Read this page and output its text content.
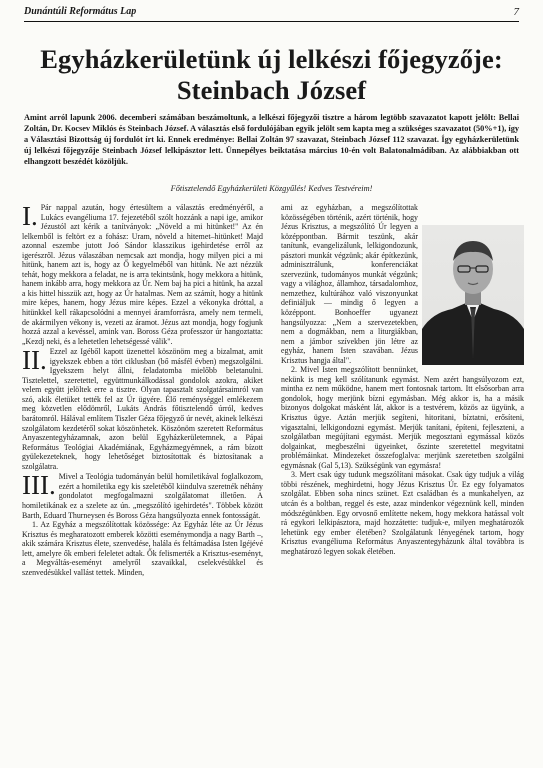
Dunántúli Református Lap	7
Egyházkerületünk új lelkészi főjegyzője:
Steinbach József
Amint arról lapunk 2006. decemberi számában beszámoltunk, a lelkészi főjegyzői tisztre a három legtöbb szavazatot kapott jelölt: Bellai Zoltán, Dr. Kocsev Miklós és Steinbach József. A választás első fordulójában egyik jelölt sem kapta meg a szükséges szavazatot (50%+1), így a Választási Bizottság új fordulót írt ki. Ennek eredménye: Bellai Zoltán 97 szavazat, Steinbach József 112 szavazat. Így egyházkerületünk új lelkészi főjegyzője Steinbach József lelkipásztor lett. Ünnepélyes beiktatása március 10-én volt Balatonalmádiban. Az alábbiakban ott elhangzott beszédét közöljük.
Főtisztelendő Egyházkerületi Közgyűlés! Kedves Testvéreim!

I. Pár nappal azután, hogy értesültem a választás eredményéről, a Lukács evangéliuma 17. fejezetéből szólt hozzánk a napi ige, amikor Jézustól azt kérik a tanítványok: „Növeld a mi hitünket!" Az én lelkemből is feltört ez a fohász: Uram, növeld a hitemet–hitünket! Majd azonnal eszembe jutott Joó Sándor klasszikus igehirdetése erről az igerészről. Jézus válaszában nemcsak azt mondja, hogy milyen pici a mi hitünk, hanem azt is, hogy az Ő kegyelméből van hitünk. Ne azt nézzük tehát, hogy mekkora a feladat, ne is arra tekintsünk, hogy mekkora a hitünk, hanem inkább arra, hogy mekkora az Úr. Nem baj ha pici a hitünk, ha azzal a kis hittel hisszük azt, hogy az Úr hatalmas. Nem az számít, hogy a hitünk mire képes, hanem, hogy Jézus mire képes. Ezzel a vékonyka dróttal, a hitünkkel kell rákapcsolódni a mennyei áramforrásra, amely nem termeli, de akármilyen vékony is, vezeti az áramot. Jézus azt mondja, hogy fogjunk hozzá azzal a kevéssel, amink van. Boross Géza professzor úr hangoztatta: „Kezdj neki, és a lehetetlen lehetségessé válik".

II. Ezzel az Igéből kapott üzenettel köszönöm meg a bizalmat, amit igyekszek ebben a tört ciklusban (bő másfél évben) megszolgálni. Igyekszem helyt állni, feladatomba mielőbb beletanulni. Tisztelettel, szeretettel, együttmunkálkodással gondolok azokra, akiket velem együtt jelöltek erre a tisztre. Olyan tapasztalt szolgatársaimról van szó, akik életüket tették fel az Úr ügyére. Élő reménységgel emlékezem meg közvetlen elődömről, Lukáts András főtisztelendő úrról, kedves barátomról. Hálával említem Tiszler Géza főjegyző úr nevét, akinek lelkészi szolgálatom kezdetéről sokat köszönhetek. Köszönöm szeretett Református Anyaszentegyházamnak, azon belül Egyházkerületemnek, a Pápai Református Teológiai Akadémiának, Egyházmegyémnek, a rám bízott gyülekezeteknek, hogy lehetőséget biztosítottak és biztosítanak a szolgálatra.

III. Mivel a Teológia tudományán belül homiletikával foglalkozom, ezért a homiletika egy kis szeletéből kiindulva szeretnék néhány gondolatot megfogalmazni szolgálatomat illetően. A homiletikának ez a szelete az ún. „megszólító igehirdetés". Többek között Barth, Eduard Thurneysen és Boross Géza hangsúlyozta ennek fontosságát.

1. Az Egyház a megszólítottak közössége: Az Egyház léte az Úr Jézus Krisztus és megharatozott emberek közötti eseménymondja a nagy Barth –, akik számára Krisztus élete, szenvedése, halála és feltámadása Isten Igéjévé lett, amelyre ők emberi feleletet adtak. Ők felismerték a Krisztus-eseményt, a Megváltás-eseményt amelyről szavaikkal, cselekvésükkel és szenvedésükkel vallást tettek. Minden,

ami az egyházban, a megszólítottak közösségében történik, azért történik, hogy Jézus Krisztus, a megszólító Úr legyen a középpontban. Bármit teszünk, akár tanítunk, evangelizálunk, lelkigondozunk, pásztori munkát végzünk; akár építkezünk, adminisztrálunk, konferenciákat szervezünk, tudományos munkát végzünk; vagy a világhoz, államhoz, társadalomhoz, nemzethez, kultúrához való viszonyunkat definiáljuk — mindig ő legyen a középpont. Bonhoeffer ugyanezt hangsúlyozza: „Nem a szervezetekben, nem a dogmákban, nem a liturgiákban, nem a jámbor szívekben jön létre az egyház, hanem Isten szavában. Jézus Krisztus hangja által".

2. Mivel Isten megszólított bennünket, nekünk is meg kell szólítanunk egymást. Nem azért hangsúlyozom ezt, mintha ez nem működne, hanem mert fontosnak tartom. Itt elsősorban arra gondolok, hogy merjünk bízni egymásban. Még akkor is, ha a másik bizonyos dolgokat másként lát, akkor is a testvérem, közös az ügyünk, a Krisztus ügye. Aztán merjük segíteni, hitoritani, bíztatni, erősíteni, vigasztalni, lelkigondozni egymást. Merjük tanítani, építeni, fejleszteni, a szolgálatban megújítani egymást. Merjük megosztani egymással közös dolgainkat, megbeszélni ügyeinket, őszinte szeretettel megvitatni problémáinkat. Mindezeket összefoglalva: merjünk szeretetben szolgálni egymásnak (Gal 5,13). Szükségünk van egymásra!

3. Mert csak úgy tudunk megszólítani másokat. Csak úgy tudjuk a világ többi részének, meghirdetni, hogy Jézus Krisztus Úr. Ez egy folyamatos szolgálat. Ebben soha nincs szünet. Ezt családban és a munkahelyen, az utcán és a boltban, reggel és este, azaz mindenkor végeznünk kell, minden módszégünkben. Egy orvosnő említette nekem, hogy mekkora hatással volt rá egykori lelkipásztora, majd hozzátette: tudjuk-e, milyen meghatározók lehetünk egy ember életében? Szolgálatunk lényegének tartom, hogy Krisztus evangéliuma Református Anyaszentegyházunk által továbbra is meghatározó legyen sokak életében.
